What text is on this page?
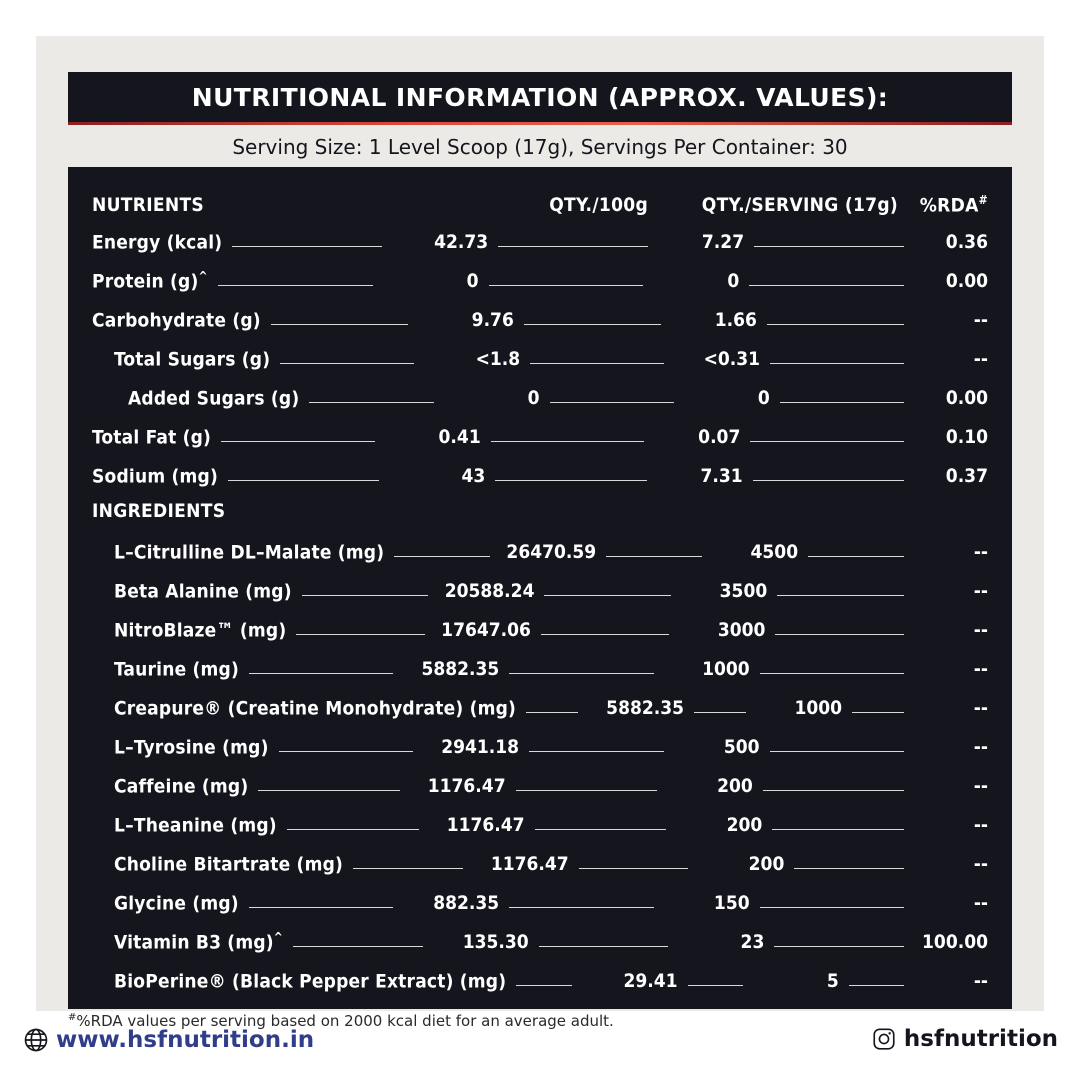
NUTRITIONAL INFORMATION (APPROX. VALUES):
Serving Size: 1 Level Scoop (17g), Servings Per Container: 30
NUTRIENTS	QTY./100g	QTY./SERVING (17g)	%RDA#
Energy (kcal)	42.73	7.27	0.36
Protein (g)^	0	0	0.00
Carbohydrate (g)	9.76	1.66	--
Total Sugars (g)	<1.8	<0.31	--
Added Sugars (g)	0	0	0.00
Total Fat (g)	0.41	0.07	0.10
Sodium (mg)	43	7.31	0.37
INGREDIENTS
L–Citrulline DL–Malate (mg)	26470.59	4500	--
Beta Alanine (mg)	20588.24	3500	--
NitroBlaze™ (mg)	17647.06	3000	--
Taurine (mg)	5882.35	1000	--
Creapure® (Creatine Monohydrate) (mg)	5882.35	1000	--
L–Tyrosine (mg)	2941.18	500	--
Caffeine (mg)	1176.47	200	--
L–Theanine (mg)	1176.47	200	--
Choline Bitartrate (mg)	1176.47	200	--
Glycine (mg)	882.35	150	--
Vitamin B3 (mg)^	135.30	23	100.00
BioPerine® (Black Pepper Extract) (mg)	29.41	5	--
#%RDA values per serving based on 2000 kcal diet for an average adult.
www.hsfnutrition.in	hsfnutrition
